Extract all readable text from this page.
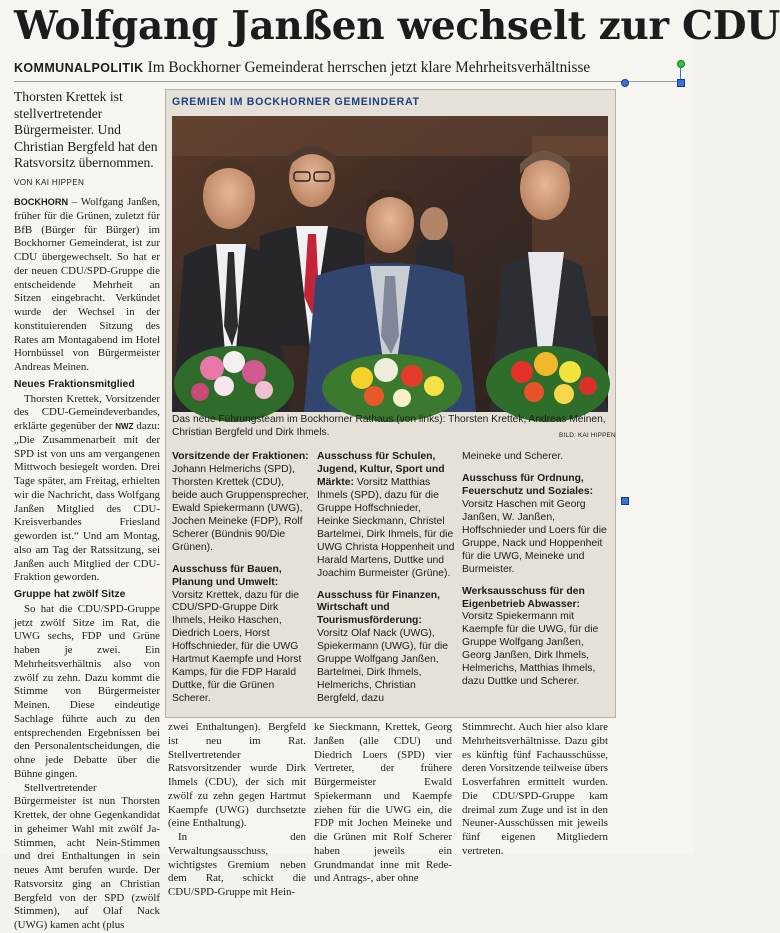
Wolfgang Janßen wechselt zur CDU
KOMMUNALPOLITIK Im Bockhorner Gemeinderat herrschen jetzt klare Mehrheitsverhältnisse
Thorsten Krettek ist stellvertretender Bürgermeister. Und Christian Bergfeld hat den Ratsvorsitz übernommen.
VON KAI HIPPEN

BOCKHORN – Wolfgang Janßen, früher für die Grünen, zuletzt für BfB (Bürger für Bürger) im Bockhorner Gemeinderat, ist zur CDU übergewechselt. So hat er der neuen CDU/SPD-Gruppe die entscheidende Mehrheit an Sitzen eingebracht. Verkündet wurde der Wechsel in der konstituierenden Sitzung des Rates am Montagabend im Hotel Hornbüssel von Bürgermeister Andreas Meinen.

Neues Fraktionsmitglied

Thorsten Krettek, Vorsitzender des CDU-Gemeindeverbandes, erklärte gegenüber der NWZ dazu: „Die Zusammenarbeit mit der SPD ist von uns am vergangenen Mittwoch besiegelt worden. Drei Tage später, am Freitag, erhielten wir die Nachricht, dass Wolfgang Janßen Mitglied des CDU-Kreisverbandes Friesland geworden ist.“ Und am Montag, also am Tag der Ratssitzung, sei Janßen auch Mitglied der CDU-Fraktion geworden.

Gruppe hat zwölf Sitze

So hat die CDU/SPD-Gruppe jetzt zwölf Sitze im Rat, die UWG sechs, FDP und Grüne haben je zwei. Ein Mehrheitsverhältnis also von zwölf zu zehn. Dazu kommt die Stimme von Bürgermeister Meinen. Diese eindeutige Sachlage führte auch zu den entsprechenden Ergebnissen bei den Personalentscheidungen, die ohne jede Debatte über die Bühne gingen.

Stellvertretender Bürgermeister ist nun Thorsten Krettek, der ohne Gegenkandidat in geheimer Wahl mit zwölf Ja-Stimmen, acht Nein-Stimmen und drei Enthaltungen in sein neues Amt berufen wurde. Der Ratsvorsitz ging an Christian Bergfeld von der SPD (zwölf Stimmen), auf Olaf Nack (UWG) kamen acht (plus

GREMIEN IM BOCKHORNER GEMEINDERAT
Das neue Führungsteam im Bockhorner Rathaus (von links): Thorsten Krettek, Andreas Meinen, Christian Bergfeld und Dirk Ihmels.	BILD: KAI HIPPEN

Vorsitzende der Fraktionen: Johann Helmerichs (SPD), Thorsten Krettek (CDU), beide auch Gruppensprecher, Ewald Spiekermann (UWG), Jochen Meineke (FDP), Rolf Scherer (Bündnis 90/Die Grünen).

Ausschuss für Bauen, Planung und Umwelt: Vorsitz Krettek, dazu für die CDU/SPD-Gruppe Dirk Ihmels, Heiko Haschen, Diedrich Loers, Horst Hoffschnieder, für die UWG Hartmut Kaempfe und Horst Kamps, für die FDP Harald Duttke, für die Grünen Scherer.

Ausschuss für Schulen, Jugend, Kultur, Sport und Märkte: Vorsitz Matthias Ihmels (SPD), dazu für die Gruppe Hoffschnieder, Heinke Sieckmann, Christel Bartelmei, Dirk Ihmels, für die UWG Christa Hoppenheit und Harald Martens, Duttke und Joachim Burmeister (Grüne).

Ausschuss für Finanzen, Wirtschaft und Tourismusförderung: Vorsitz Olaf Nack (UWG), Spiekermann (UWG), für die Gruppe Wolfgang Janßen, Bartelmei, Dirk Ihmels, Helmerichs, Christian Bergfeld, dazu

Meineke und Scherer.

Ausschuss für Ordnung, Feuerschutz und Soziales: Vorsitz Haschen mit Georg Janßen, W. Janßen, Hoffschnieder und Loers für die Gruppe, Nack und Hoppenheit für die UWG, Meineke und Burmeister.

Werksausschuss für den Eigenbetrieb Abwasser: Vorsitz Spiekermann mit Kaempfe für die UWG, für die Gruppe Wolfgang Janßen, Georg Janßen, Dirk Ihmels, Helmerichs, Matthias Ihmels, dazu Duttke und Scherer.

zwei Enthaltungen). Bergfeld ist neu im Rat. Stellvertretender Ratsvorsitzender wurde Dirk Ihmels (CDU), der sich mit zwölf zu zehn gegen Hartmut Kaempfe (UWG) durchsetzte (eine Enthaltung).

In den Verwaltungsausschuss, wichtigstes Gremium neben dem Rat, schickt die CDU/SPD-Gruppe mit Hein-

ke Sieckmann, Krettek, Georg Janßen (alle CDU) und Diedrich Loers (SPD) vier Vertreter, der frühere Bürgermeister Ewald Spiekermann und Kaempfe ziehen für die UWG ein, die FDP mit Jochen Meineke und die Grünen mit Rolf Scherer haben jeweils ein Grundmandat inne mit Rede- und Antrags-, aber ohne

Stimmrecht. Auch hier also klare Mehrheitsverhältnisse. Dazu gibt es künftig fünf Fachausschüsse, deren Vorsitzende teilweise übers Losverfahren ermittelt wurden. Die CDU/SPD-Gruppe kam dreimal zum Zuge und ist in den Neuner-Ausschüssen mit jeweils fünf eigenen Mitgliedern vertreten.
